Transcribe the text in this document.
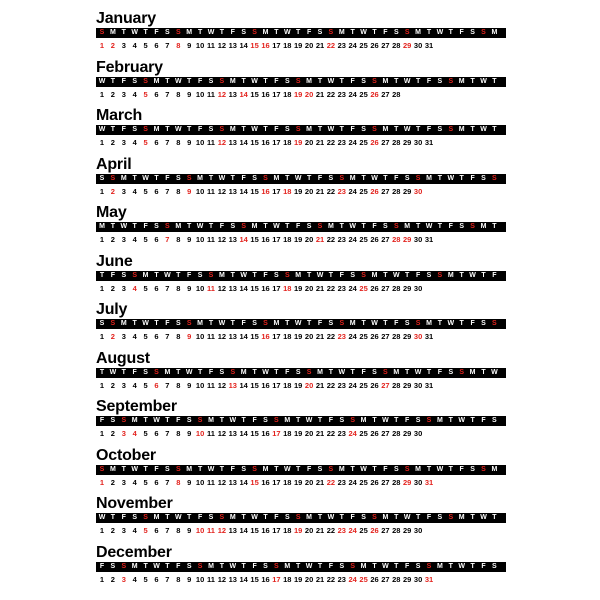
January
S M T W T F S S M T W T F S S M T W T F S S M T W T F S S M T W T F S S M
1 2 3 4 5 6 7 8 9 10 11 12 13 14 15 16 17 18 19 20 21 22 23 24 25 26 27 28 29 30 31
February
W T F S S M T W T F S S M T W T F S S M T W T F S S M T W T F S S M T W T
1 2 3 4 5 6 7 8 9 10 11 12 13 14 15 16 17 18 19 20 21 22 23 24 25 26 27 28
March
W T F S S M T W T F S S M T W T F S S M T W T F S S M T W T F S S M T W T
1 2 3 4 5 6 7 8 9 10 11 12 13 14 15 16 17 18 19 20 21 22 23 24 25 26 27 28 29 30 31
April
S S M T W T F S S M T W T F S S M T W T F S S M T W T F S S M T W T F S S
1 2 3 4 5 6 7 8 9 10 11 12 13 14 15 16 17 18 19 20 21 22 23 24 25 26 27 28 29 30
May
M T W T F S S M T W T F S S M T W T F S S M T W T F S S M T W T F S S M T
1 2 3 4 5 6 7 8 9 10 11 12 13 14 15 16 17 18 19 20 21 22 23 24 25 26 27 28 29 30 31
June
T F S S M T W T F S S M T W T F S S M T W T F S S M T W T F S S M T W T F
1 2 3 4 5 6 7 8 9 10 11 12 13 14 15 16 17 18 19 20 21 22 23 24 25 26 27 28 29 30
July
S S M T W T F S S M T W T F S S M T W T F S S M T W T F S S M T W T F S S
1 2 3 4 5 6 7 8 9 10 11 12 13 14 15 16 17 18 19 20 21 22 23 24 25 26 27 28 29 30 31
August
T W T F S S M T W T F S S M T W T F S S M T W T F S S M T W T F S S M T W
1 2 3 4 5 6 7 8 9 10 11 12 13 14 15 16 17 18 19 20 21 22 23 24 25 26 27 28 29 30 31
September
F S S M T W T F S S M T W T F S S M T W T F S S M T W T F S S M T W T F S
1 2 3 4 5 6 7 8 9 10 11 12 13 14 15 16 17 18 19 20 21 22 23 24 25 26 27 28 29 30
October
S M T W T F S S M T W T F S S M T W T F S S M T W T F S S M T W T F S S M
1 2 3 4 5 6 7 8 9 10 11 12 13 14 15 16 17 18 19 20 21 22 23 24 25 26 27 28 29 30 31
November
W T F S S M T W T F S S M T W T F S S M T W T F S S M T W T F S S M T W T
1 2 3 4 5 6 7 8 9 10 11 12 13 14 15 16 17 18 19 20 21 22 23 24 25 26 27 28 29 30
December
F S S M T W T F S S M T W T F S S M T W T F S S M T W T F S S M T W T F S
1 2 3 4 5 6 7 8 9 10 11 12 13 14 15 16 17 18 19 20 21 22 23 24 25 26 27 28 29 30 31
